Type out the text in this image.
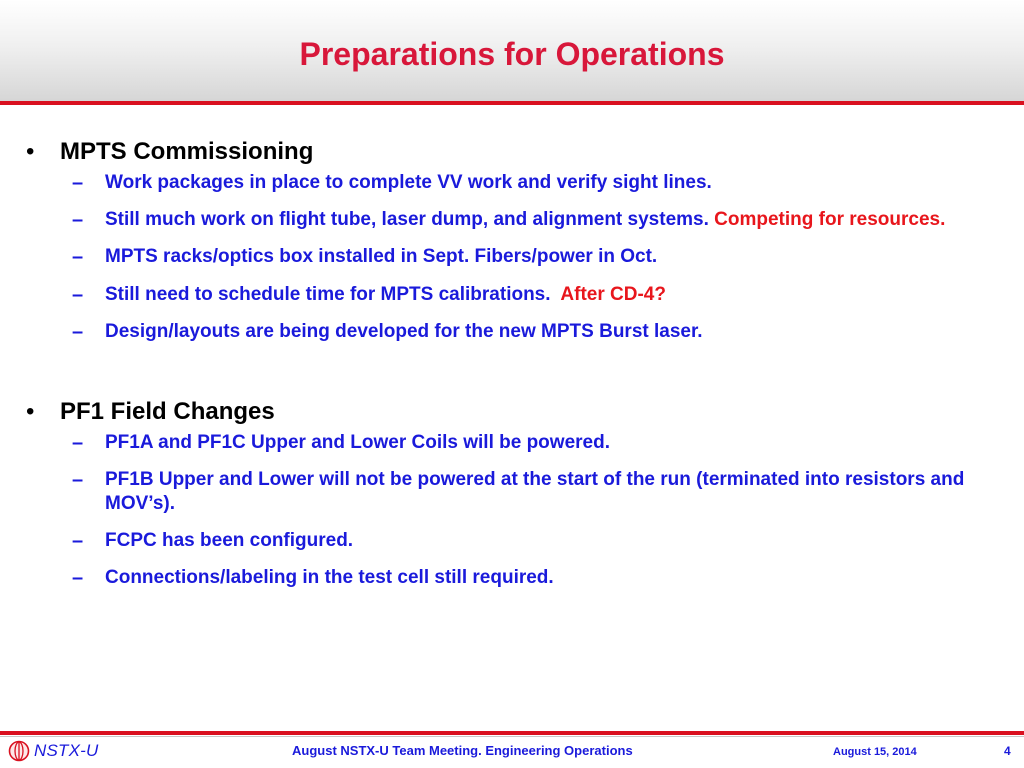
Preparations for Operations
• MPTS Commissioning
– Work packages in place to complete VV work and verify sight lines.
– Still much work on flight tube, laser dump, and alignment systems. Competing for resources.
– MPTS racks/optics box installed in Sept. Fibers/power in Oct.
– Still need to schedule time for MPTS calibrations.  After CD-4?
– Design/layouts are being developed for the new MPTS Burst laser.
• PF1 Field Changes
– PF1A and PF1C Upper and Lower Coils will be powered.
– PF1B Upper and Lower will not be powered at the start of the run (terminated into resistors and MOV’s).
– FCPC has been configured.
– Connections/labeling in the test cell still required.
NSTX-U	August NSTX-U Team Meeting. Engineering Operations	August 15, 2014	4
